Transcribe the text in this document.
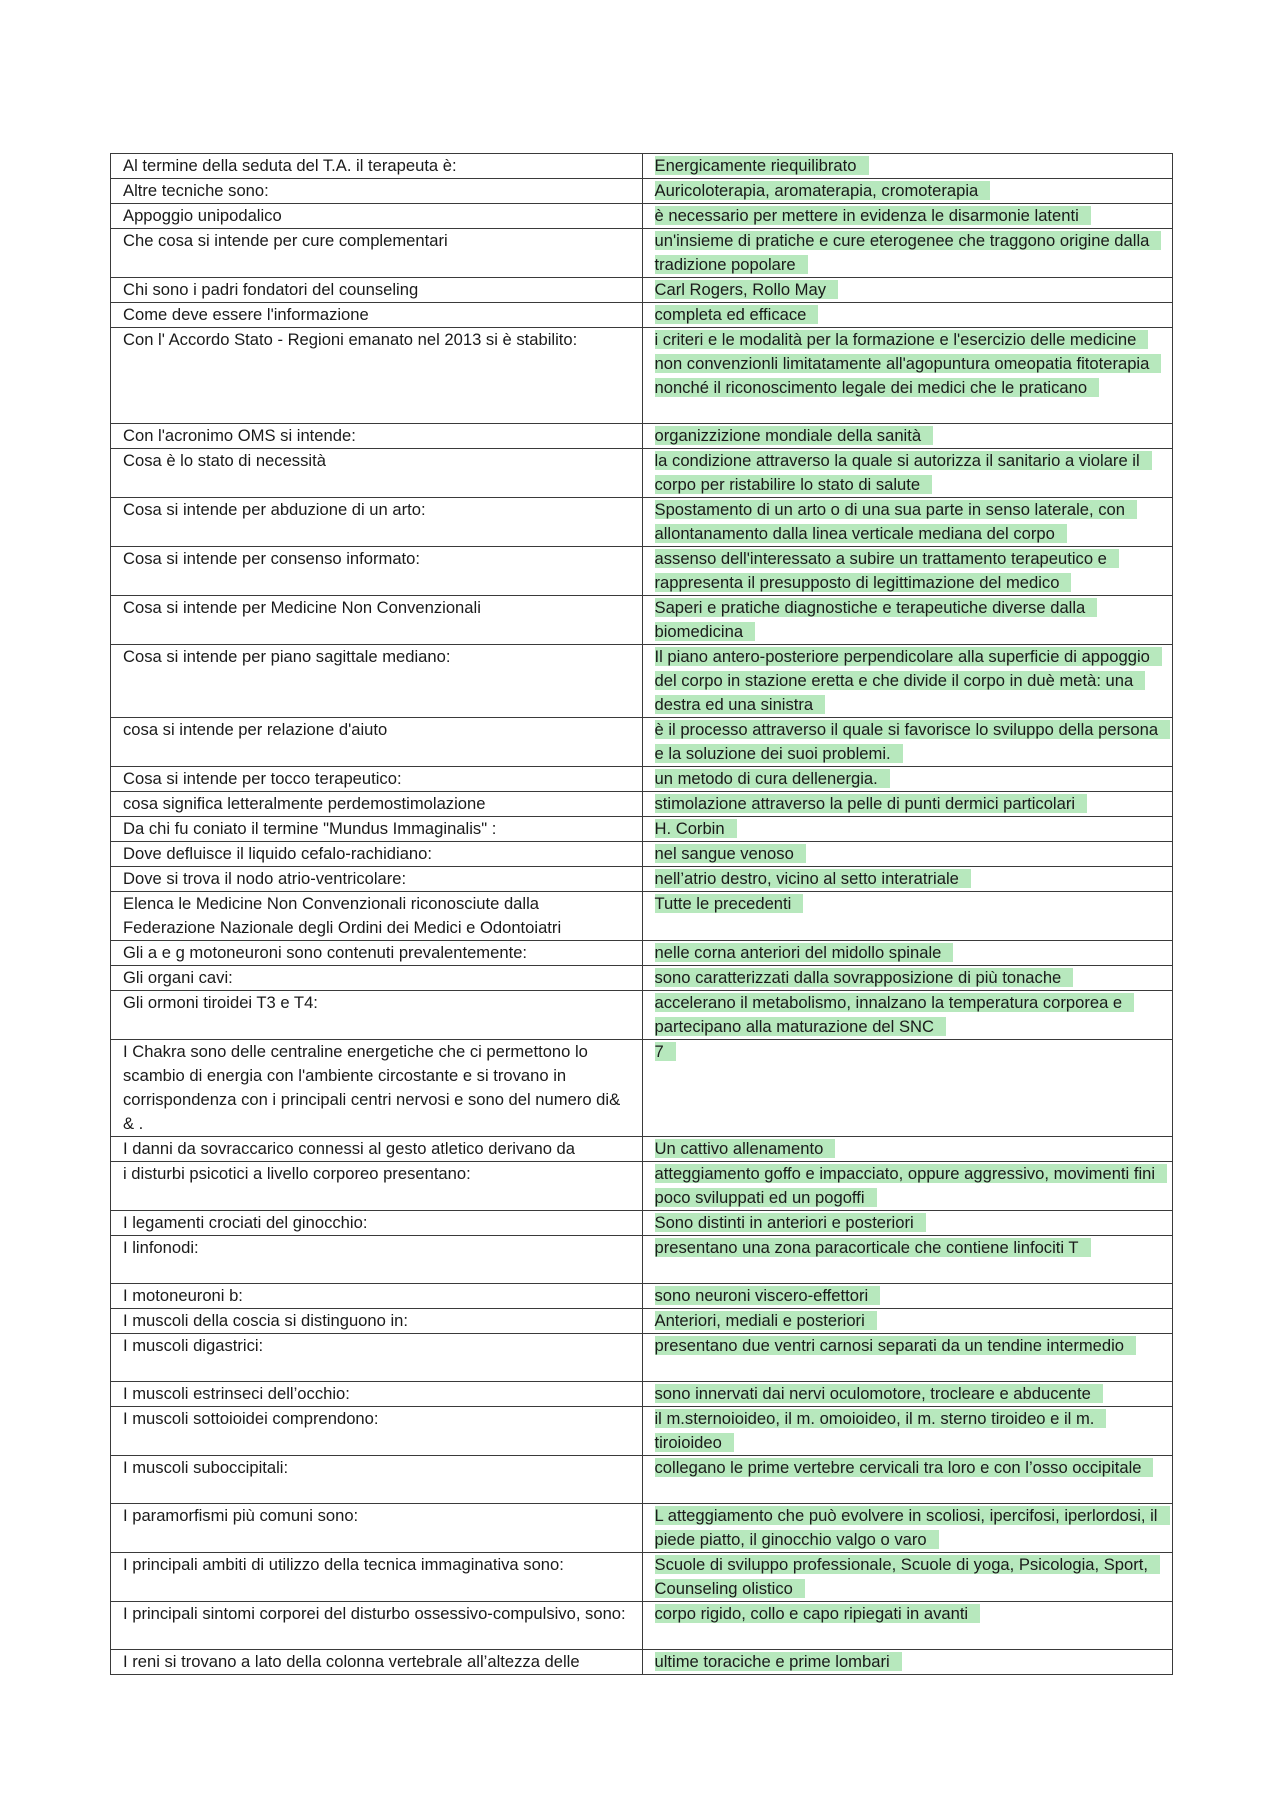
Al termine della seduta del T.A. il terapeuta è:	Energicamente riequilibrato
Altre tecniche sono:	Auricoloterapia, aromaterapia, cromoterapia
Appoggio unipodalico	è necessario per mettere in evidenza le disarmonie latenti
Che cosa si intende per cure complementari	un'insieme di pratiche e cure eterogenee che traggono origine dalla tradizione popolare
Chi sono i padri fondatori del counseling	Carl Rogers, Rollo May
Come deve essere l'informazione	completa ed efficace
Con l' Accordo Stato - Regioni emanato nel 2013 si è stabilito:	i criteri e le modalità per la formazione e l'esercizio delle medicine non convenzionli limitatamente all'agopuntura omeopatia fitoterapia nonché il riconoscimento legale dei medici che le praticano
Con l'acronimo OMS si intende:	organizzizione mondiale della sanità
Cosa è lo stato di necessità	la condizione attraverso la quale si autorizza il sanitario a violare il corpo per ristabilire lo stato di salute
Cosa si intende per abduzione di un arto:	Spostamento di un arto o di una sua parte in senso laterale, con allontanamento dalla linea verticale mediana del corpo
Cosa si intende per consenso informato:	assenso dell'interessato a subire un trattamento terapeutico e rappresenta il presupposto di legittimazione del medico
Cosa si intende per Medicine Non Convenzionali	Saperi e pratiche diagnostiche e terapeutiche diverse dalla biomedicina
Cosa si intende per piano sagittale mediano:	Il piano antero-posteriore perpendicolare alla superficie di appoggio del corpo in stazione eretta e che divide il corpo in duè metà: una destra ed una sinistra
cosa si intende per relazione d'aiuto	è il processo attraverso il quale si favorisce lo sviluppo della persona e la soluzione dei suoi problemi.
Cosa si intende per tocco terapeutico:	un metodo di cura dellenergia.
cosa significa letteralmente perdemostimolazione	stimolazione attraverso la pelle di punti dermici particolari
Da chi fu coniato il termine "Mundus Immaginalis" :	H. Corbin
Dove defluisce il liquido cefalo-rachidiano:	nel sangue venoso
Dove si trova il nodo atrio-ventricolare:	nell’atrio destro, vicino al setto interatriale
Elenca le Medicine Non Convenzionali riconosciute dalla Federazione Nazionale degli Ordini dei Medici e Odontoiatri	Tutte le precedenti
Gli a e g motoneuroni sono contenuti prevalentemente:	nelle corna anteriori del midollo spinale
Gli organi cavi:	sono caratterizzati dalla sovrapposizione di più tonache
Gli ormoni tiroidei T3 e T4:	accelerano il metabolismo, innalzano la temperatura corporea e partecipano alla maturazione del SNC
I Chakra sono delle centraline energetiche che ci permettono lo scambio di energia con l'ambiente circostante e si trovano in corrispondenza con i principali centri nervosi e sono del numero di& & .	7
I danni da sovraccarico connessi al gesto atletico derivano da	Un cattivo allenamento
i disturbi psicotici a livello corporeo presentano:	atteggiamento goffo e impacciato, oppure aggressivo, movimenti fini poco sviluppati ed un pogoffi
I legamenti crociati del ginocchio:	Sono distinti in anteriori e posteriori
I linfonodi:	presentano una zona paracorticale che contiene linfociti T
I motoneuroni b:	sono neuroni viscero-effettori
I muscoli della coscia si distinguono in:	Anteriori, mediali e posteriori
I muscoli digastrici:	presentano due ventri carnosi separati da un tendine intermedio
I muscoli estrinseci dell’occhio:	sono innervati dai nervi oculomotore, trocleare e abducente
I muscoli sottoioidei comprendono:	il m.sternoioideo, il m. omoioideo, il m. sterno tiroideo e il m. tiroioideo
I muscoli suboccipitali:	collegano le prime vertebre cervicali tra loro e con l’osso occipitale
I paramorfismi più comuni sono:	L atteggiamento che può evolvere in scoliosi, ipercifosi, iperlordosi, il piede piatto, il ginocchio valgo o varo
I principali ambiti di utilizzo della tecnica immaginativa sono:	Scuole di sviluppo professionale, Scuole di yoga, Psicologia, Sport, Counseling olistico
I principali sintomi corporei del disturbo ossessivo-compulsivo, sono:	corpo rigido, collo e capo ripiegati in avanti
I reni si trovano a lato della colonna vertebrale all’altezza delle	ultime toraciche e prime lombari
